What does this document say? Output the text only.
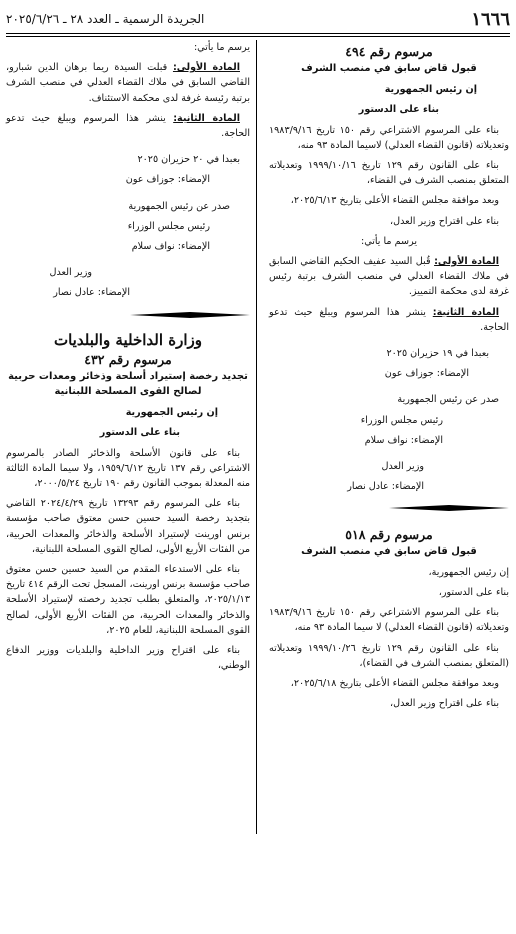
١٦٦٦
الجريدة الرسمية ـ العدد ٢٨ ـ ٢٠٢٥/٦/٢٦
مرسوم رقم ٤٩٤
قبول قاض سابق في منصب الشرف

إن رئيس الجمهورية

بناء على الدستور

بناء على المرسوم الاشتراعي رقم ١٥٠ تاريخ ١٩٨٣/٩/١٦ وتعديلاته (قانون القضاء العدلي) لاسيما المادة ٩٣ منه،

بناء على القانون رقم ١٢٩ تاريخ ١٩٩٩/١٠/١٦ وتعديلاته المتعلق بمنصب الشرف في القضاء،

وبعد موافقة مجلس القضاء الأعلى بتاريخ ٢٠٢٥/٦/١٣،

بناء على اقتراح وزير العدل،

يرسم ما يأتي:

المادة الأولى: قُبل السيد عفيف الحكيم القاضي السابق في ملاك القضاء العدلي في منصب الشرف برتبة رئيس غرفة لدى محكمة التمييز.

المادة الثانية: ينشر هذا المرسوم ويبلغ حيث تدعو الحاجة.

بعبدا في ١٩ حزيران ٢٠٢٥

الإمضاء: جوزاف عون

صدر عن رئيس الجمهورية

رئيس مجلس الوزراء

الإمضاء: نواف سلام

وزير العدل

الإمضاء: عادل نصار

مرسوم رقم ٥١٨
قبول قاض سابق في منصب الشرف

إن رئيس الجمهورية،

بناء على الدستور،

بناء على المرسوم الاشتراعي رقم ١٥٠ تاريخ ١٩٨٣/٩/١٦ وتعديلاته (قانون القضاء العدلي) لا سيما المادة ٩٣ منه،

بناء على القانون رقم ١٢٩ تاريخ ١٩٩٩/١٠/٢٦ وتعديلاته (المتعلق بمنصب الشرف في القضاء)،

وبعد موافقة مجلس القضاء الأعلى بتاريخ ٢٠٢٥/٦/١٨،

بناء على اقتراح وزير العدل،

يرسم ما يأتي:

المادة الأولى: قبلت السيدة ريما برهان الدين شبارو، القاضي السابق في ملاك القضاء العدلي في منصب الشرف برتبة رئيسة غرفة لدى محكمة الاستئناف.

المادة الثانية: ينشر هذا المرسوم ويبلغ حيث تدعو الحاجة.

بعبدا في ٢٠ حزيران ٢٠٢٥

الإمضاء: جوزاف عون

صدر عن رئيس الجمهورية

رئيس مجلس الوزراء

الإمضاء: نواف سلام

وزير العدل

الإمضاء: عادل نصار

وزارة الداخلية والبلديات
مرسوم رقم ٤٣٢
تجديد رخصة إستيراد أسلحة وذخائر ومعدات حربية لصالح القوى المسلحة اللبنانية

إن رئيس الجمهورية

بناء على الدستور

بناء على قانون الأسلحة والذخائر الصادر بالمرسوم الاشتراعي رقم ١٣٧ تاريخ ١٩٥٩/٦/١٢، ولا سيما المادة الثالثة منه المعدلة بموجب القانون رقم ١٩٠ تاريخ ٢٠٠٠/٥/٢٤،

بناء على المرسوم رقم ١٣٢٩٣ تاريخ ٢٠٢٤/٤/٢٩ القاضي بتجديد رخصة السيد حسين حسن معتوق صاحب مؤسسة برنس اورينت لإستيراد الأسلحة والذخائر والمعدات الحربية، من الفئات الأربع الأولى، لصالح القوى المسلحة اللبنانية،

بناء على الاستدعاء المقدم من السيد حسين حسن معتوق صاحب مؤسسة برنس اورينت، المسجل تحت الرقم ٤١٤ تاريخ ٢٠٢٥/١/١٣، والمتعلق بطلب تجديد رخصته لإستيراد الأسلحة والذخائر والمعدات الحربية، من الفئات الأربع الأولى، لصالح القوى المسلحة اللبنانية، للعام ٢٠٢٥،

بناء على اقتراح وزير الداخلية والبلديات ووزير الدفاع الوطني،
